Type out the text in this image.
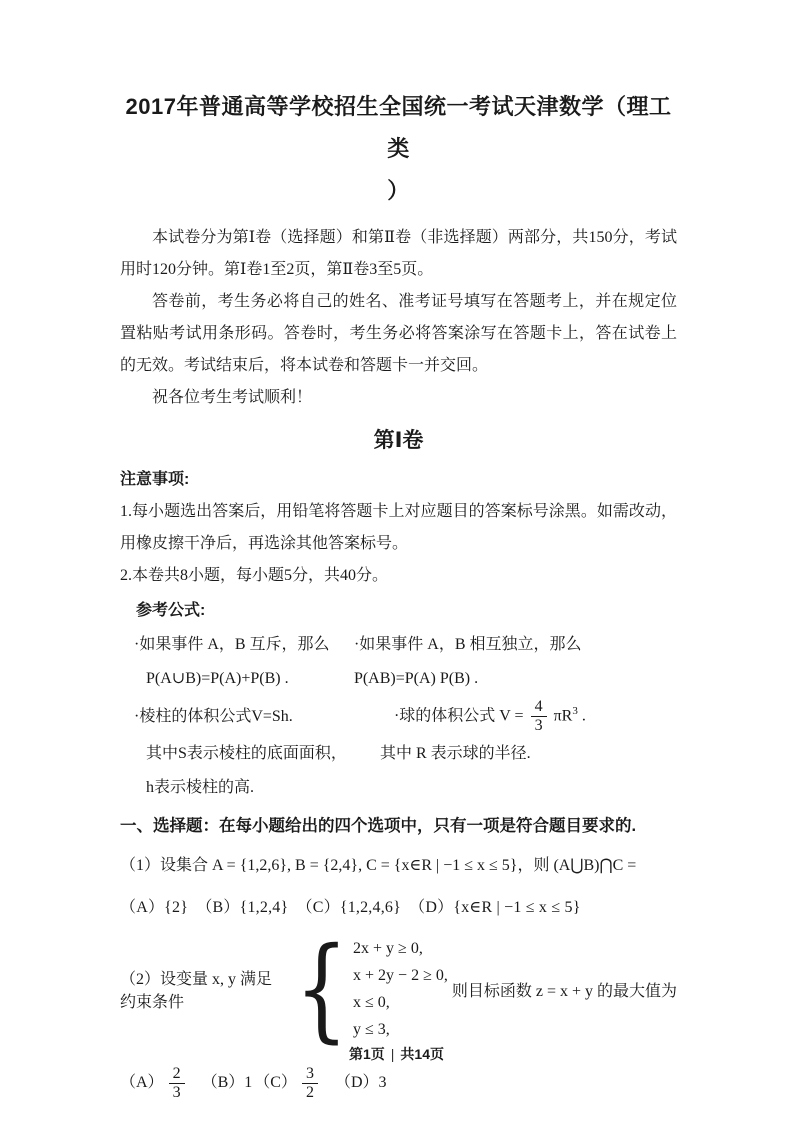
2017年普通高等学校招生全国统一考试天津数学（理工类
）

本试卷分为第Ⅰ卷（选择题）和第Ⅱ卷（非选择题）两部分，共150分，考试用时120分钟。第Ⅰ卷1至2页，第Ⅱ卷3至5页。

答卷前，考生务必将自己的姓名、准考证号填写在答题考上，并在规定位置粘贴考试用条形码。答卷时，考生务必将答案涂写在答题卡上，答在试卷上的无效。考试结束后，将本试卷和答题卡一并交回。

祝各位考生考试顺利！

第Ⅰ卷
注意事项:

1.每小题选出答案后，用铅笔将答题卡上对应题目的答案标号涂黑。如需改动，用橡皮擦干净后，再选涂其他答案标号。

2.本卷共8小题，每小题5分，共40分。

参考公式:
·如果事件 A，B 互斥，那么	·如果事件 A，B 相互独立，那么
P(A∪B)=P(A)+P(B) .	P(AB)=P(A) P(B) .
·棱柱的体积公式V=Sh.	·球的体积公式 $V = \frac{4}{3} \pi R^3$ .
其中S表示棱柱的底面面积，	其中 R 表示球的半径.
h表示棱柱的高.
一、选择题：在每小题给出的四个选项中，只有一项是符合题目要求的.

（1）设集合 A = {1,2,6}, B = {2,4}, C = {x∈R | −1 ≤ x ≤ 5}，则 (A⋃B)⋂C =

（A）{2}　（B）{1,2,4}　（C）{1,2,4,6}　（D）{x∈R | −1 ≤ x ≤ 5}

（2）设变量 x, y 满足约束条件 { 2x + y ≥ 0,
x + 2y − 2 ≥ 0,
x ≤ 0,
y ≤ 3,
则目标函数 z = x + y 的最大值为
$(A) \frac{2}{3} (B)1$ $(C) \frac{3}{2} (D)3$
第1页 | 共14页
